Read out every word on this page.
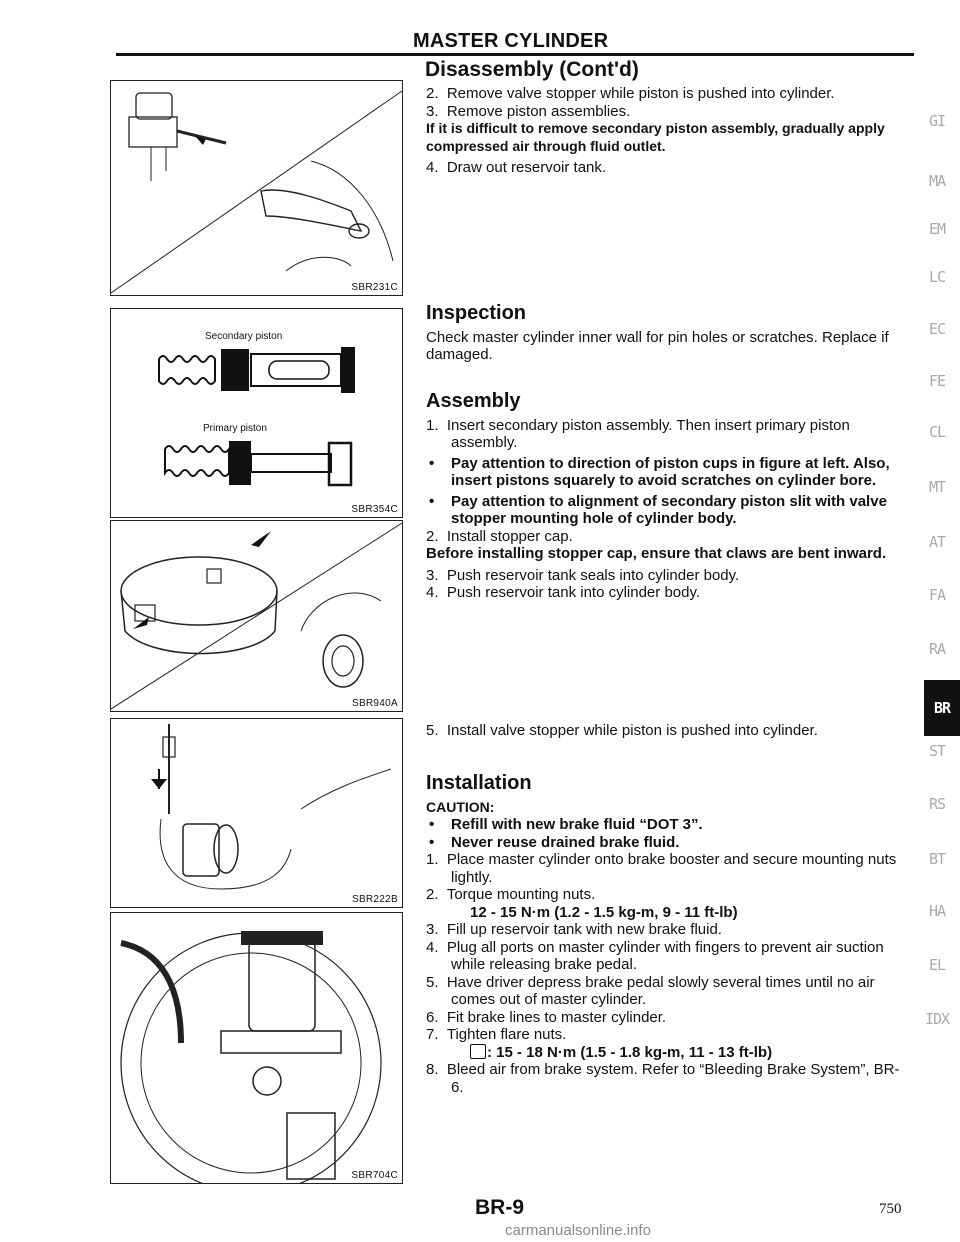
MASTER CYLINDER
Disassembly (Cont'd)

2.  Remove valve stopper while piston is pushed into cylinder.

3.  Remove piston assemblies.

If it is difficult to remove secondary piston assembly, gradually apply compressed air through fluid outlet.

4.  Draw out reservoir tank.

Inspection

Check master cylinder inner wall for pin holes or scratches. Replace if damaged.

Assembly

1.  Insert secondary piston assembly. Then insert primary piston assembly.

• Pay attention to direction of piston cups in figure at left. Also, insert pistons squarely to avoid scratches on cylinder bore.

• Pay attention to alignment of secondary piston slit with valve stopper mounting hole of cylinder body.

2.  Install stopper cap.

Before installing stopper cap, ensure that claws are bent inward.

3.  Push reservoir tank seals into cylinder body.

4.  Push reservoir tank into cylinder body.

5.  Install valve stopper while piston is pushed into cylinder.

Installation

CAUTION:

• Refill with new brake fluid “DOT 3”.

• Never reuse drained brake fluid.

1.  Place master cylinder onto brake booster and secure mounting nuts lightly.

2.  Torque mounting nuts.

12 - 15 N·m (1.2 - 1.5 kg-m, 9 - 11 ft-lb)

3.  Fill up reservoir tank with new brake fluid.

4.  Plug all ports on master cylinder with fingers to prevent air suction while releasing brake pedal.

5.  Have driver depress brake pedal slowly several times until no air comes out of master cylinder.

6.  Fit brake lines to master cylinder.

7.  Tighten flare nuts.

: 15 - 18 N·m (1.5 - 1.8 kg-m, 11 - 13 ft-lb)

8.  Bleed air from brake system. Refer to “Bleeding Brake System”, BR-6.

SBR231C
Secondary piston
Primary piston
SBR354C
SBR940A
SBR222B
SBR704C
GI
MA
EM
LC
EC
FE
CL
MT
AT
FA
RA
BR
ST
RS
BT
HA
EL
IDX
BR-9	750
carmanualsonline.info
